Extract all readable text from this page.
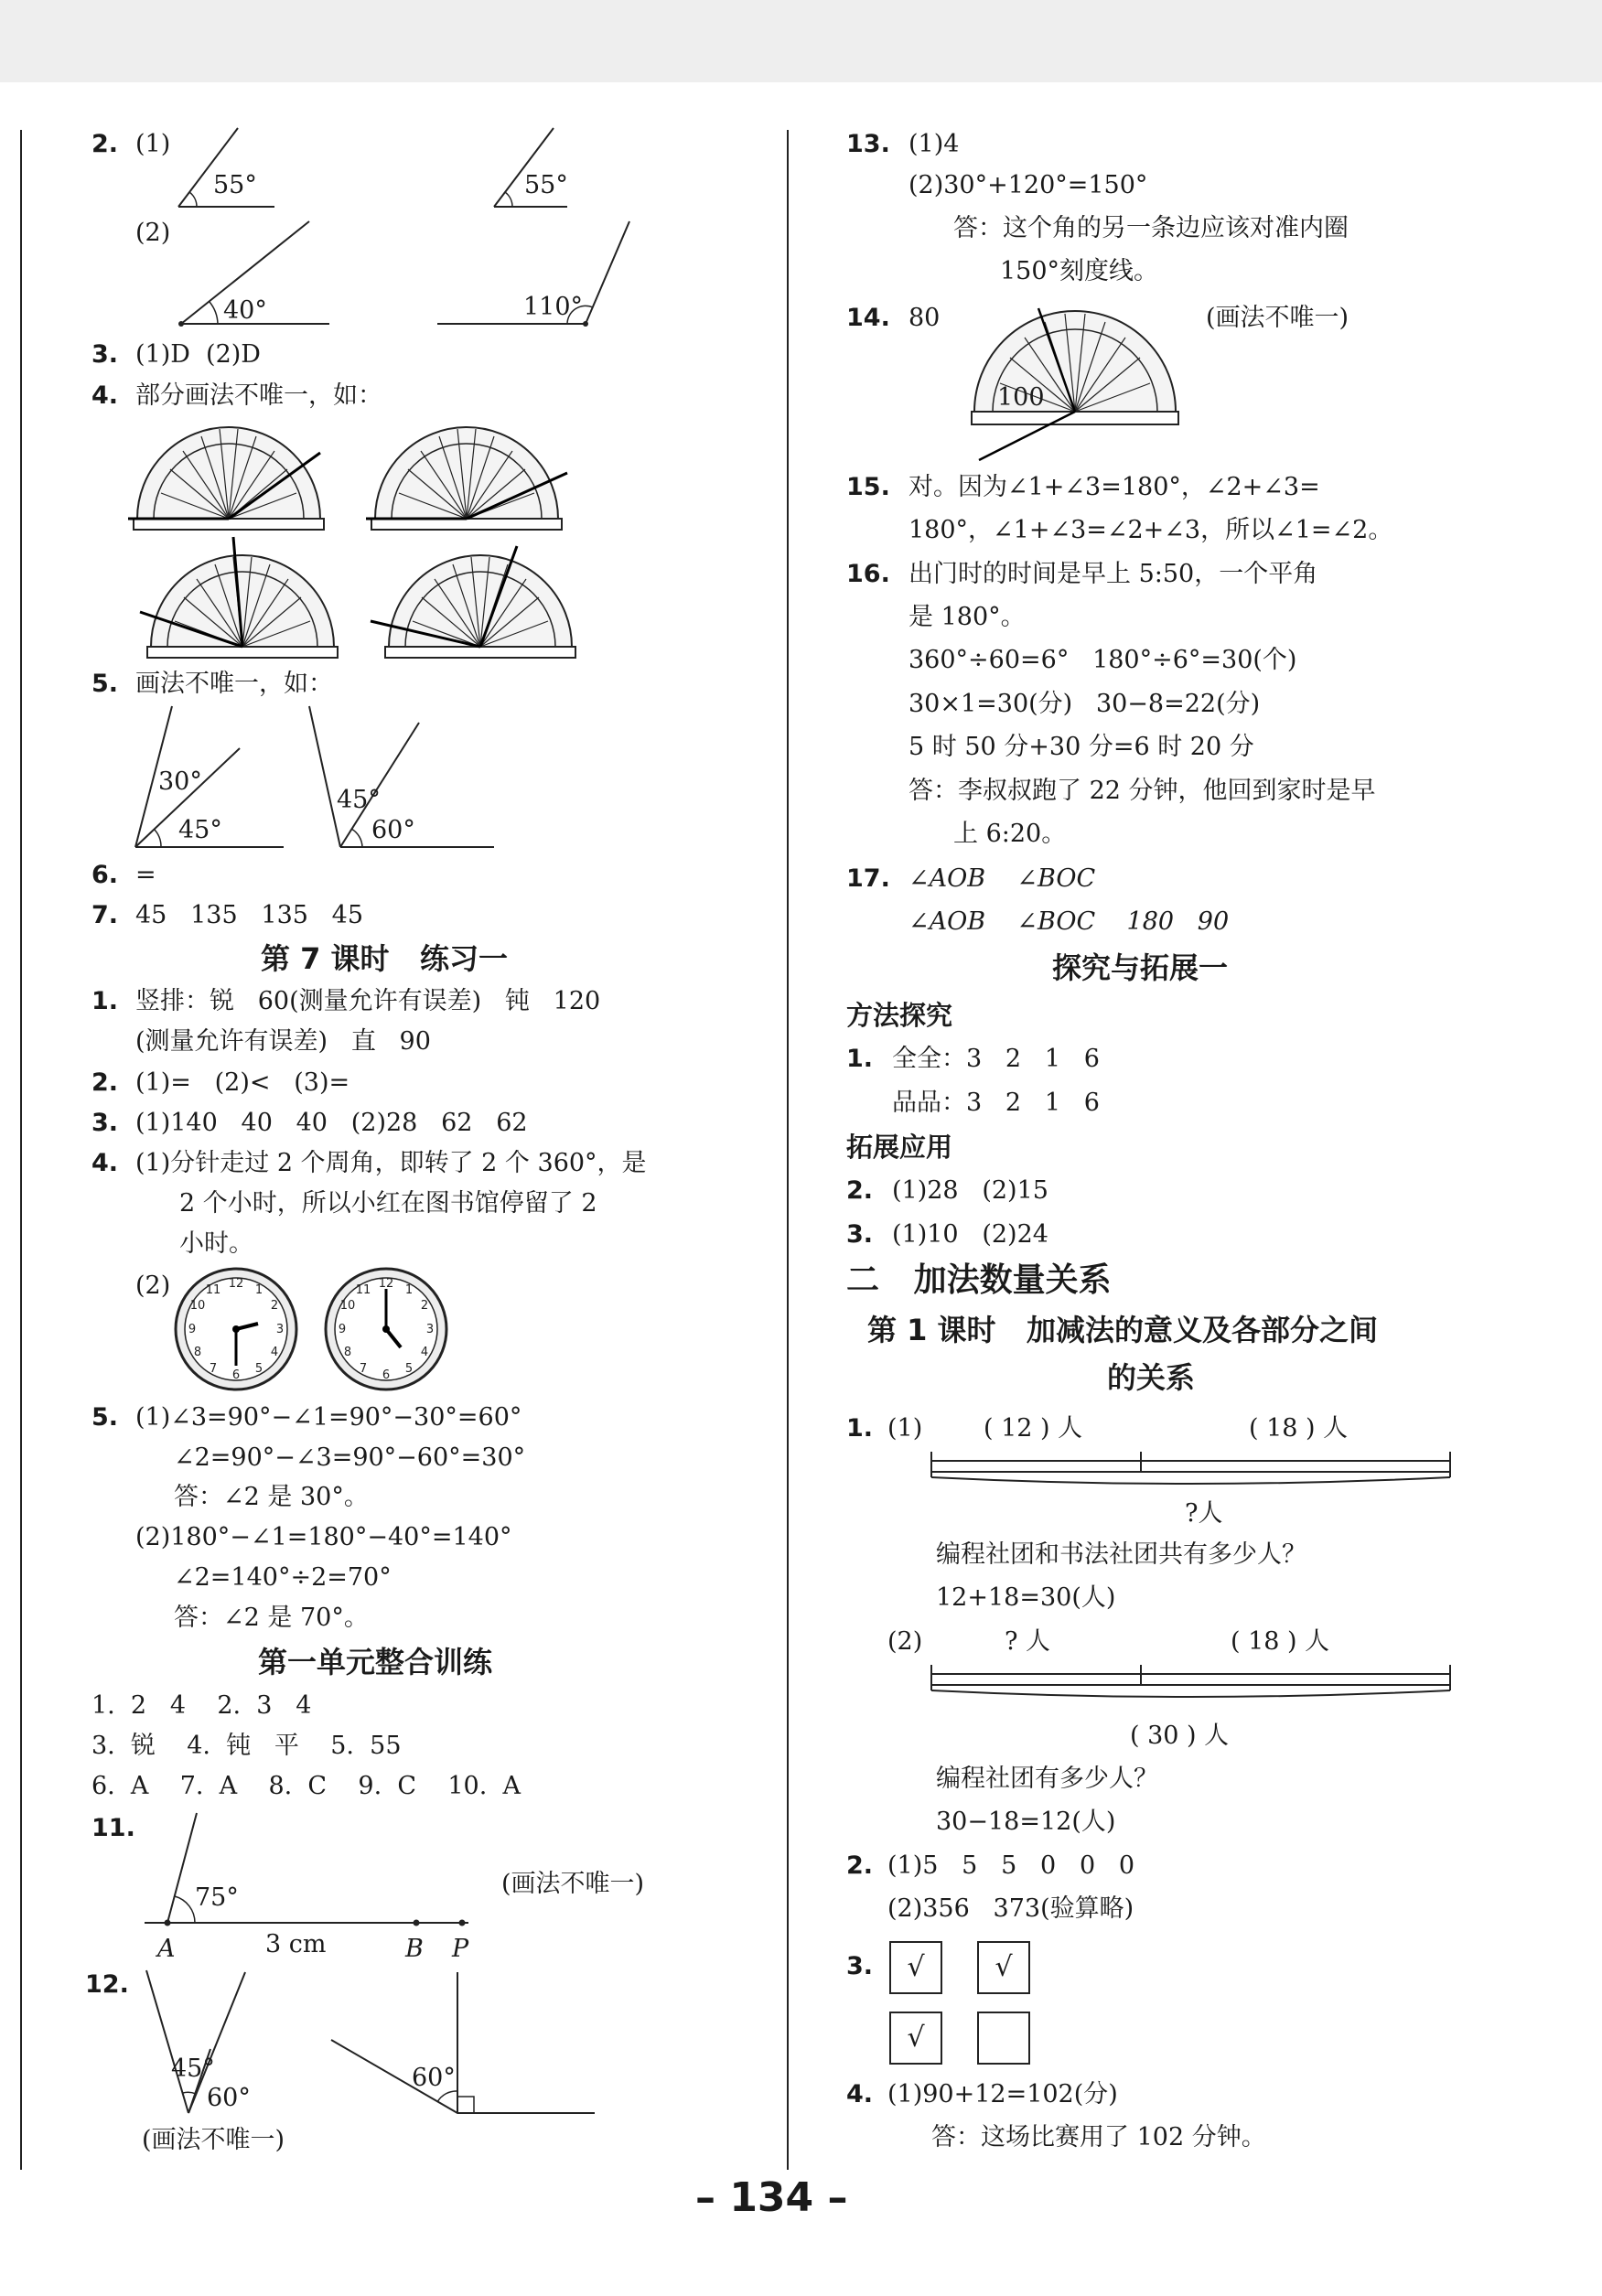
2. (1)
55°	55°
(2)
40°	110°
3. (1)D  (2)D
4. 部分画法不唯一，如：
5. 画法不唯一，如：
30°
45°
45°
60°
6. =
7. 45   135   135   45
第 7 课时   练习一
1. 竖排：锐   60(测量允许有误差)   钝   120
(测量允许有误差)   直   90
2. (1)=   (2)<   (3)=
3. (1)140   40   40   (2)28   62   62
4. (1)分针走过 2 个周角，即转了 2 个 360°，是
2 个小时，所以小红在图书馆停留了 2
小时。
(2)	12 1
2
3
4
5
6
7
8
9
10
11	12 1
2
3
4
5
6
7
8
9
10
11
5. (1)∠3=90°−∠1=90°−30°=60°
∠2=90°−∠3=90°−60°=30°
答：∠2 是 30°。
(2)180°−∠1=180°−40°=140°
∠2=140°÷2=70°
答：∠2 是 70°。
第一单元整合训练
1.  2   4    2.  3   4
3.  锐    4.  钝   平    5.  55
6.  A    7.  A    8.  C    9.  C    10.  A
11.
75°	(画法不唯一)
A	3 cm	B P
12.
45°
60°
60°
(画法不唯一)
13. (1)4
(2)30°+120°=150°
答：这个角的另一条边应该对准内圈
150°刻度线。
14. 80	(画法不唯一)
100
15. 对。因为∠1+∠3=180°，∠2+∠3=
180°，∠1+∠3=∠2+∠3，所以∠1=∠2。
16. 出门时的时间是早上 5:50，一个平角
是 180°。
360°÷60=6°   180°÷6°=30(个)
30×1=30(分)   30−8=22(分)
5 时 50 分+30 分=6 时 20 分
答：李叔叔跑了 22 分钟，他回到家时是早
上 6:20。
17. ∠AOB    ∠BOC
∠AOB    ∠BOC    180   90
探究与拓展一
方法探究
1. 全全：3   2   1   6
品品：3   2   1   6
拓展应用
2. (1)28   (2)15
3. (1)10   (2)24
二   加法数量关系
第 1 课时   加减法的意义及各部分之间
的关系
1. (1) ( 12 ) 人	( 18 ) 人
?人
编程社团和书法社团共有多少人？
12+18=30(人)
(2)	? 人	( 18 ) 人
( 30 ) 人
编程社团有多少人？
30−18=12(人)
2. (1)5   5   5   0   0   0
(2)356   373(验算略)
3.	√	√
√
4. (1)90+12=102(分)
答：这场比赛用了 102 分钟。
– 134 –
